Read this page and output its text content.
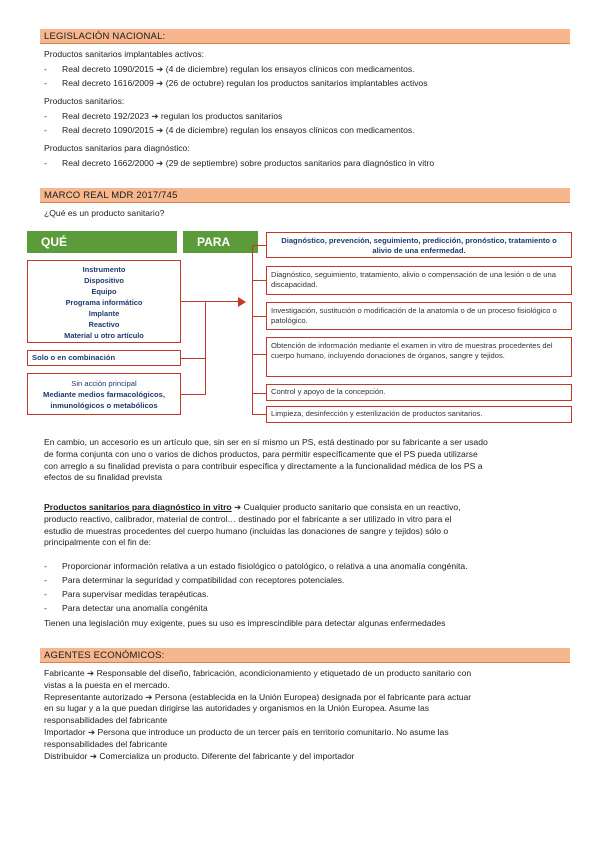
LEGISLACIÓN NACIONAL:
Productos sanitarios implantables activos:
- Real decreto 1090/2015 ➔ (4 de diciembre) regulan los ensayos clínicos con medicamentos.
- Real decreto 1616/2009 ➔ (26 de octubre) regulan los productos sanitarios implantables activos
Productos sanitarios:
- Real decreto 192/2023 ➔ regulan los productos sanitarios
- Real decreto 1090/2015 ➔ (4 de diciembre) regulan los ensayos clínicos con medicamentos.
Productos sanitarios para diagnóstico:
- Real decreto 1662/2000 ➔ (29 de septiembre) sobre productos sanitarios para diagnóstico in vitro
MARCO REAL MDR 2017/745
¿Qué es un producto sanitario?
QUÉ	PARA QUÉ
Instrumento
Dispositivo
Equipo
Programa informático
Implante
Reactivo
Material u otro artículo
Solo o en combinación
Sin acción principal
Mediante medios farmacológicos,
inmunológicos o metabólicos
Diagnóstico, prevención, seguimiento, predicción, pronóstico, tratamiento o alivio de una enfermedad.
Diagnóstico, seguimiento, tratamiento, alivio o compensación de una lesión o de una discapacidad.
Investigación, sustitución o modificación de la anatomía o de un proceso fisiológico o patológico.
Obtención de información mediante el examen in vitro de muestras procedentes del cuerpo humano, incluyendo donaciones de órganos, sangre y tejidos.
Control y apoyo de la concepción.
Limpieza, desinfección y esterilización de productos sanitarios.
En cambio, un accesorio es un artículo que, sin ser en sí mismo un PS, está destinado por su fabricante a ser usado
de forma conjunta con uno o varios de dichos productos, para permitir específicamente que el PS pueda utilizarse
con arreglo a su finalidad prevista o para contribuir específica y directamente a la funcionalidad médica de los PS a
efectos de su finalidad prevista
Productos sanitarios para diagnóstico in vitro ➔ Cualquier producto sanitario que consista en un reactivo,
producto reactivo, calibrador, material de control… destinado por el fabricante a ser utilizado in vitro para el
estudio de muestras procedentes del cuerpo humano (incluidas las donaciones de sangre y tejidos) sólo o
principalmente con el fin de:
- Proporcionar información relativa a un estado fisiológico o patológico, o relativa a una anomalía congénita.
- Para determinar la seguridad y compatibilidad con receptores potenciales.
- Para supervisar medidas terapéuticas.
- Para detectar una anomalía congénita
Tienen una legislación muy exigente, pues su uso es imprescindible para detectar algunas enfermedades
AGENTES ECONÓMICOS:
Fabricante ➔ Responsable del diseño, fabricación, acondicionamiento y etiquetado de un producto sanitario con
vistas a la puesta en el mercado.
Representante autorizado ➔ Persona (establecida en la Unión Europea) designada por el fabricante para actuar
en su lugar y a la que puedan dirigirse las autoridades y organismos en la Unión Europea. Asume las
responsabilidades del fabricante
Importador ➔ Persona que introduce un producto de un tercer país en territorio comunitario. No asume las
responsabilidades del fabricante
Distribuidor ➔ Comercializa un producto. Diferente del fabricante y del importador
